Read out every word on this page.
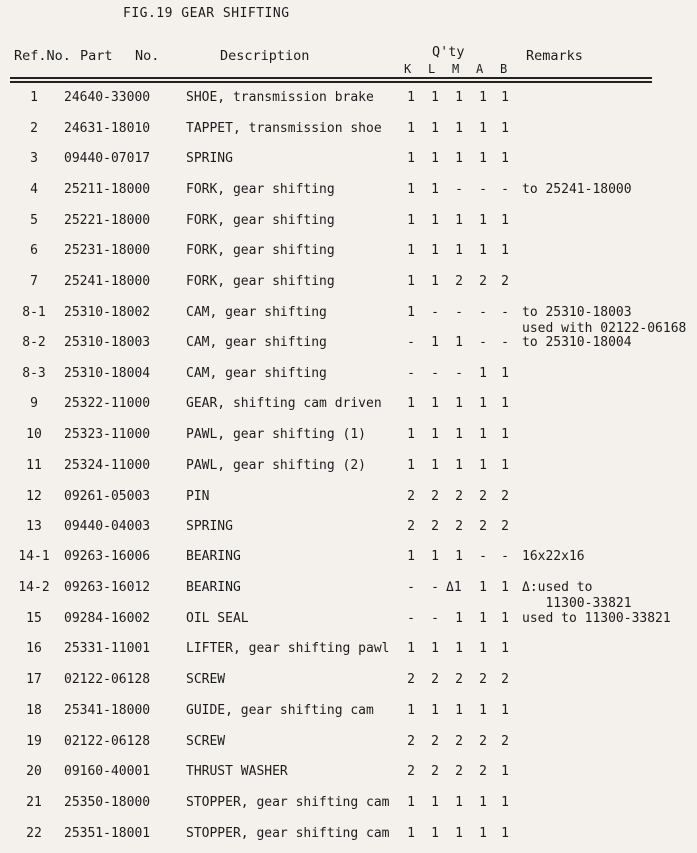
FIG.19 GEAR SHIFTING
Ref.No. Part No.	Description	Q'ty	Remarks
K L M A B
1	24640-33000	SHOE, transmission brake	1 1 1 1 1
2	24631-18010	TAPPET, transmission shoe 1 1 1 1 1
3	09440-07017	SPRING	1 1 1 1 1
4	25211-18000	FORK, gear shifting	1 1 - - - to 25241-18000
5	25221-18000	FORK, gear shifting	1 1 1 1 1
6	25231-18000	FORK, gear shifting	1 1 1 1 1
7	25241-18000	FORK, gear shifting	1 1 2 2 2
8-1	25310-18002	CAM, gear shifting	1 - - - - to 25310-18003
used with 02122-06168
8-2	25310-18003	CAM, gear shifting	- 1 1 - - to 25310-18004
8-3	25310-18004	CAM, gear shifting	- - - 1 1
9	25322-11000	GEAR, shifting cam driven 1 1 1 1 1
10	25323-11000	PAWL, gear shifting (1)	1 1 1 1 1
11	25324-11000	PAWL, gear shifting (2)	1 1 1 1 1
12	09261-05003	PIN	2 2 2 2 2
13	09440-04003	SPRING	2 2 2 2 2
14-1	09263-16006	BEARING	1 1 1 - - 16x22x16
14-2	09263-16012	BEARING	- - Δ1 1 1 Δ:used to
11300-33821
15	09284-16002	OIL SEAL	- - 1 1 1 used to 11300-33821
16	25331-11001	LIFTER, gear shifting pawl 1 1 1 1 1
17	02122-06128	SCREW	2 2 2 2 2
18	25341-18000	GUIDE, gear shifting cam	1 1 1 1 1
19	02122-06128	SCREW	2 2 2 2 2
20	09160-40001	THRUST WASHER	2 2 2 2 1
21	25350-18000	STOPPER, gear shifting cam 1 1 1 1 1
22	25351-18001	STOPPER, gear shifting cam 1 1 1 1 1
